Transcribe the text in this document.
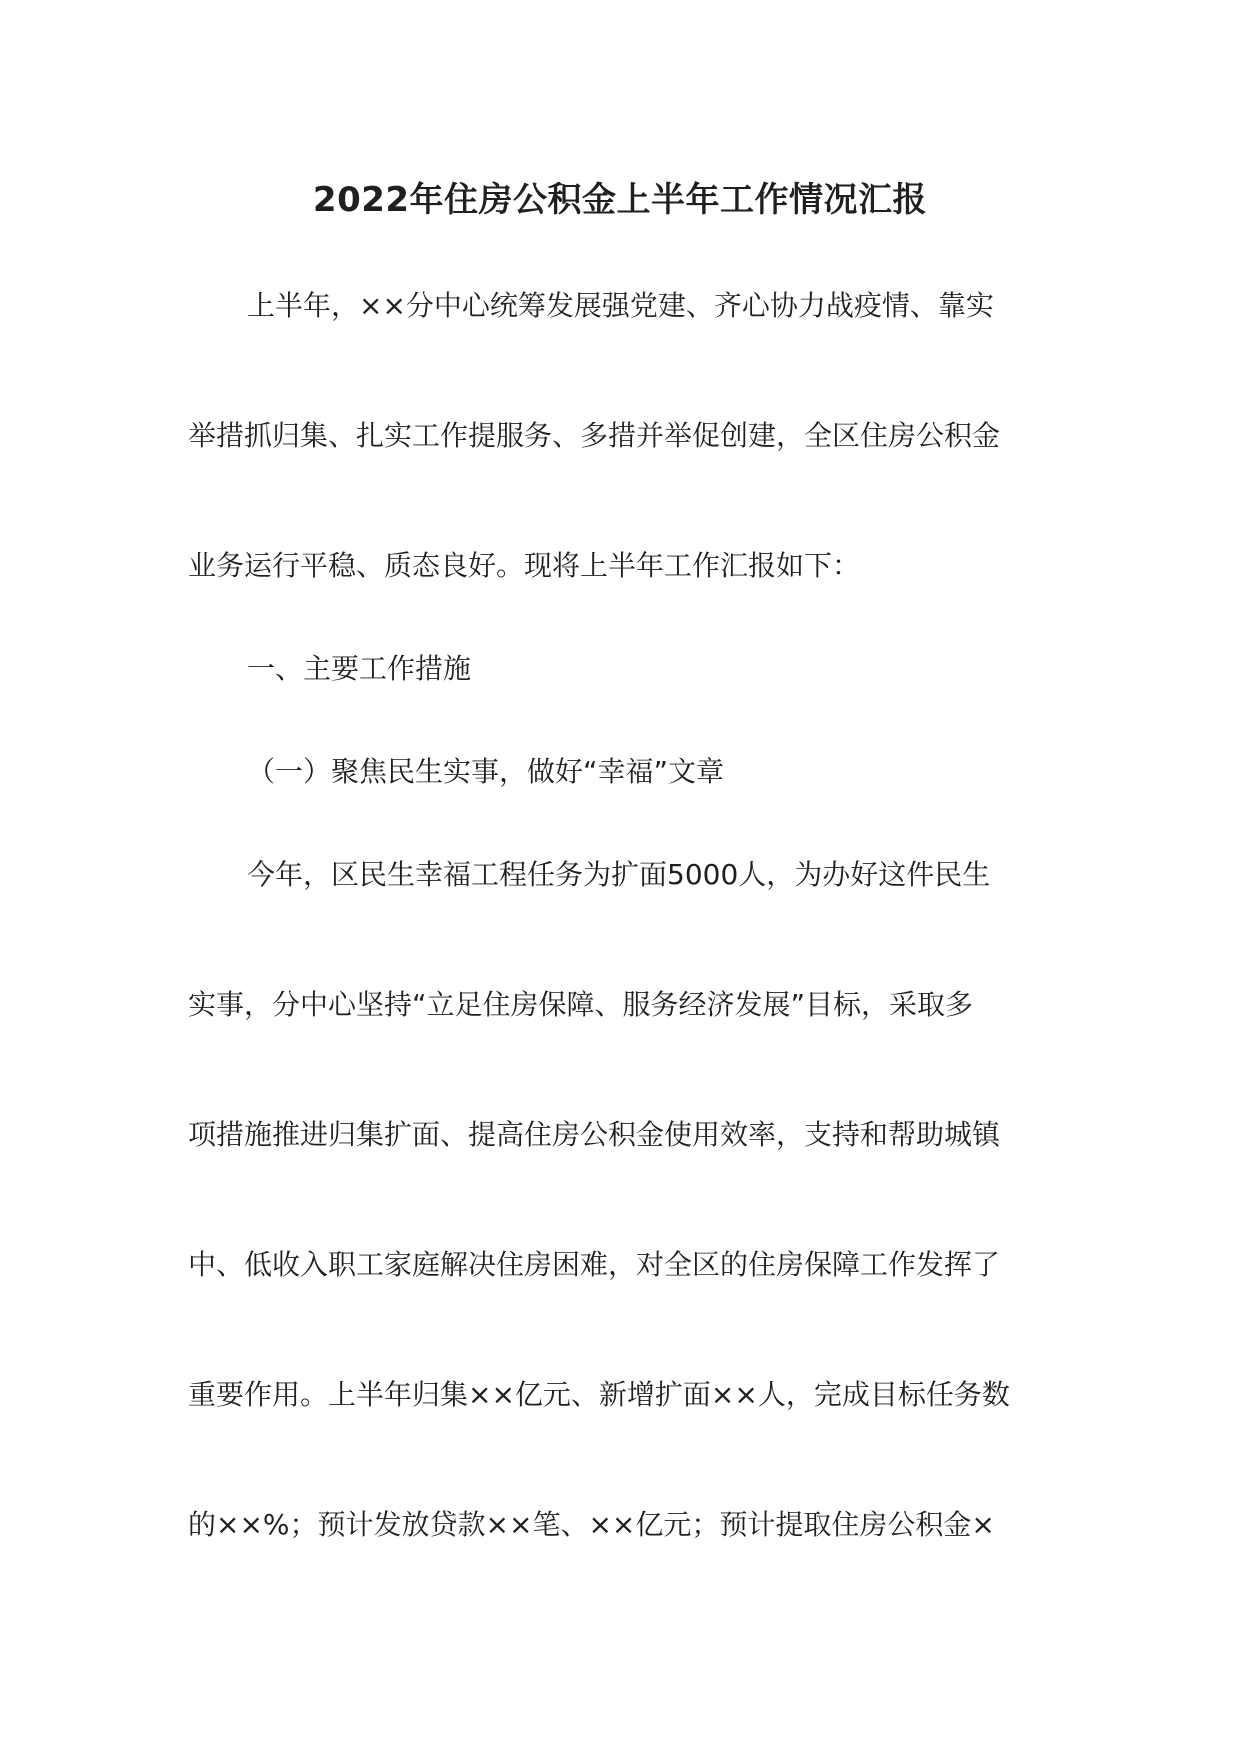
2022年住房公积金上半年工作情况汇报

上半年，××分中心统筹发展强党建、齐心协力战疫情、靠实

举措抓归集、扎实工作提服务、多措并举促创建，全区住房公积金

业务运行平稳、质态良好。现将上半年工作汇报如下：

一、主要工作措施

（一）聚焦民生实事，做好“幸福”文章

今年，区民生幸福工程任务为扩面5000人，为办好这件民生

实事，分中心坚持“立足住房保障、服务经济发展”目标，采取多

项措施推进归集扩面、提高住房公积金使用效率，支持和帮助城镇

中、低收入职工家庭解决住房困难，对全区的住房保障工作发挥了

重要作用。上半年归集××亿元、新增扩面××人，完成目标任务数

的××%；预计发放贷款××笔、××亿元；预计提取住房公积金×
